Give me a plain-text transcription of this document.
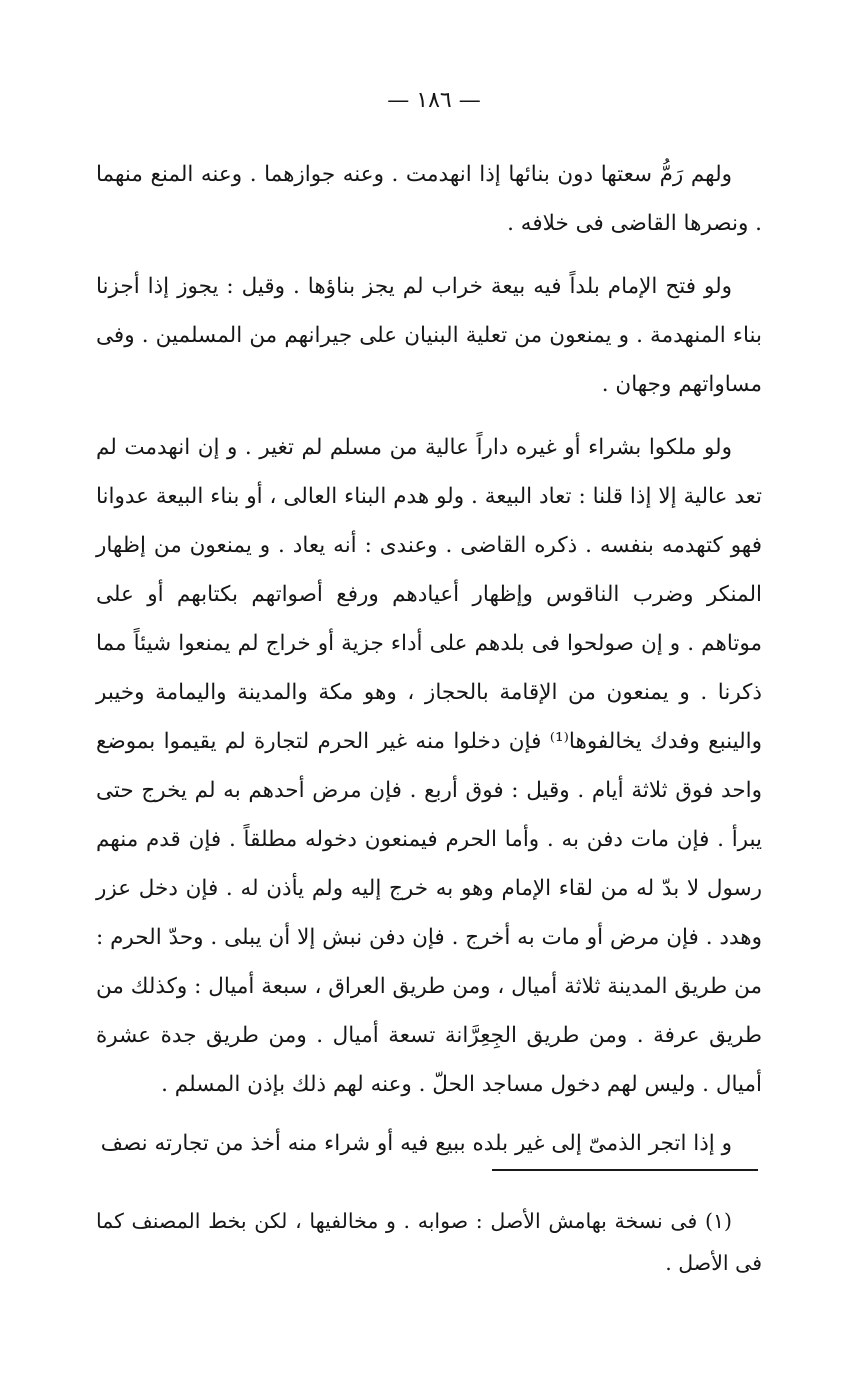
— ١٨٦ —

ولهم رَمُّ سعتها دون بنائها إذا انهدمت . وعنه جوازهما . وعنه المنع منهما . ونصرها القاضى فى خلافه .

ولو فتح الإمام بلداً فيه بيعة خراب لم يجز بناؤها . وقيل : يجوز إذا أجزنا بناء المنهدمة . و يمنعون من تعلية البنيان على جيرانهم من المسلمين . وفى مساواتهم وجهان .

ولو ملكوا بشراء أو غيره داراً عالية من مسلم لم تغير . و إن انهدمت لم تعد عالية إلا إذا قلنا : تعاد البيعة . ولو هدم البناء العالى ، أو بناء البيعة عدوانا فهو كتهدمه بنفسه . ذكره القاضى . وعندى : أنه يعاد . و يمنعون من إظهار المنكر وضرب الناقوس وإظهار أعيادهم ورفع أصواتهم بكتابهم أو على موتاهم . و إن صولحوا فى بلدهم على أداء جزية أو خراج لم يمنعوا شيئاً مما ذكرنا . و يمنعون من الإقامة بالحجاز ، وهو مكة والمدينة واليمامة وخيبر والينبع وفدك يخالفوها⁽¹⁾ فإن دخلوا منه غير الحرم لتجارة لم يقيموا بموضع واحد فوق ثلاثة أيام . وقيل : فوق أربع . فإن مرض أحدهم به لم يخرج حتى يبرأ . فإن مات دفن به . وأما الحرم فيمنعون دخوله مطلقاً . فإن قدم منهم رسول لا بدّ له من لقاء الإمام وهو به خرج إليه ولم يأذن له . فإن دخل عزر وهدد . فإن مرض أو مات به أخرج . فإن دفن نبش إلا أن يبلى . وحدّ الحرم : من طريق المدينة ثلاثة أميال ، ومن طريق العراق ، سبعة أميال : وكذلك من طريق عرفة . ومن طريق الجِعِرَّانة تسعة أميال . ومن طريق جدة عشرة أميال . وليس لهم دخول مساجد الحلّ . وعنه لهم ذلك بإذن المسلم .

و إذا اتجر الذمىّ إلى غير بلده ببيع فيه أو شراء منه أخذ من تجارته نصف

(١) فى نسخة بهامش الأصل : صوابه . و مخالفيها ، لكن بخط المصنف كما فى الأصل .
